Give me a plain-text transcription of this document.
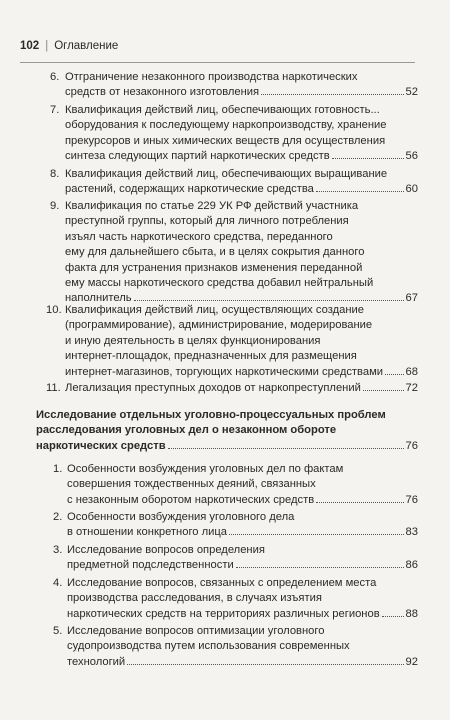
102 | Оглавление
6. Отграничение незаконного производства наркотических
средств от незаконного изготовления	52
7. Квалификация действий лиц, обеспечивающих готовность...
оборудования к последующему наркопроизводству, хранение
прекурсоров и иных химических веществ для осуществления
синтеза следующих партий наркотических средств	56
8. Квалификация действий лиц, обеспечивающих выращивание
растений, содержащих наркотические средства	60
9. Квалификация по статье 229 УК РФ действий участника
преступной группы, который для личного потребления
изъял часть наркотического средства, переданного
ему для дальнейшего сбыта, и в целях сокрытия данного
факта для устранения признаков изменения переданной
ему массы наркотического средства добавил нейтральный
наполнитель	67
10. Квалификация действий лиц, осуществляющих создание
(программирование), администрирование, модерирование
и иную деятельность в целях функционирования
интернет-площадок, предназначенных для размещения
интернет-магазинов, торгующих наркотическими средствами 68
11. Легализация преступных доходов от наркопреступлений	72
Исследование отдельных уголовно-процессуальных проблем
расследования уголовных дел о незаконном обороте
наркотических средств	76
1. Особенности возбуждения уголовных дел по фактам
совершения тождественных деяний, связанных
с незаконным оборотом наркотических средств	76
2. Особенности возбуждения уголовного дела
в отношении конкретного лица	83
3. Исследование вопросов определения
предметной подследственности	86
4. Исследование вопросов, связанных с определением места
производства расследования, в случаях изъятия
наркотических средств на территориях различных регионов 88
5. Исследование вопросов оптимизации уголовного
судопроизводства путем использования современных
технологий	92
